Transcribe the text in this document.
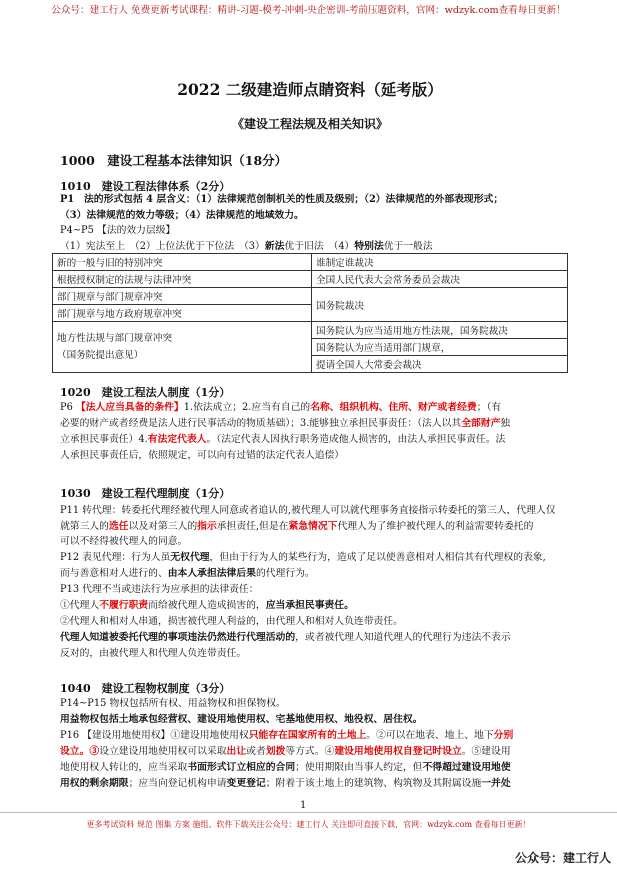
公众号：建工行人 免费更新考试课程：精讲-习题-模考-冲刺-央企密训-考前压题资料，官网：wdzyk.com查看每日更新！
2022 二级建造师点睛资料（延考版）
《建设工程法规及相关知识》
1000　建设工程基本法律知识（18分）
1010　建设工程法律体系（2分）
P1　法的形式包括 4 层含义：（1）法律规范创制机关的性质及级别；（2）法律规范的外部表现形式；
（3）法律规范的效力等级；（4）法律规范的地域效力。
P4~P5 【法的效力层级】
（1）宪法至上　（2）上位法优于下位法　（3）新法优于旧法　（4）特别法优于一般法
新的一般与旧的特别冲突	谁制定谁裁决
根据授权制定的法规与法律冲突	全国人民代表大会常务委员会裁决
部门规章与部门规章冲突	国务院裁决
部门规章与地方政府规章冲突	
地方性法规与部门规章冲突
（国务院提出意见）	国务院认为应当适用地方性法规，国务院裁决
	国务院认为应当适用部门规章，
	提请全国人大常委会裁决
1020　建设工程法人制度（1分）
P6 【法人应当具备的条件】1.依法成立；2.应当有自己的名称、组织机构、住所、财产或者经费；（有
必要的财产或者经费是法人进行民事活动的物质基础）；3.能够独立承担民事责任：（法人以其全部财产独
立承担民事责任）4.有法定代表人。（法定代表人因执行职务造成他人损害的，由法人承担民事责任。法
人承担民事责任后，依照规定，可以向有过错的法定代表人追偿）
1030　建设工程代理制度（1分）
P11 转代理：转委托代理经被代理人同意或者追认的,被代理人可以就代理事务直接指示转委托的第三人，代理人仅
就第三人的选任以及对第三人的指示承担责任,但是在紧急情况下代理人为了维护被代理人的利益需要转委托的
可以不经得被代理人的同意。
P12 表见代理：行为人虽无权代理，但由于行为人的某些行为，造成了足以使善意相对人相信其有代理权的表象,
而与善意相对人进行的、由本人承担法律后果的代理行为。
P13 代理不当或违法行为应承担的法律责任：
①代理人不履行职责而给被代理人造成损害的，应当承担民事责任。
②代理人和相对人串通，损害被代理人利益的，由代理人和相对人负连带责任。
代理人知道被委托代理的事项违法仍然进行代理活动的，或者被代理人知道代理人的代理行为违法不表示
反对的，由被代理人和代理人负连带责任。
1040　建设工程物权制度（3分）
P14~P15 物权包括所有权、用益物权和担保物权。
用益物权包括土地承包经营权、建设用地使用权、宅基地使用权、地役权、居住权。
P16 【建设用地使用权】①建设用地使用权只能存在国家所有的土地上。②可以在地表、地上、地下分别
设立。③设立建设用地使用权可以采取出让或者划拨等方式。④建设用地使用权自登记时设立。⑤建设用
地使用权人转让的，应当采取书面形式订立相应的合同；使用期限由当事人约定，但不得超过建设用地使
用权的剩余期限；应当向登记机构申请变更登记；附着于该土地上的建筑物、构筑物及其附属设施一并处
1
更多考试资料 规范 图集 方案 施组、软件下载关注公众号：建工行人 关注即可直接下载，官网：wdzyk.com 查看每日更新！
公众号：建工行人
